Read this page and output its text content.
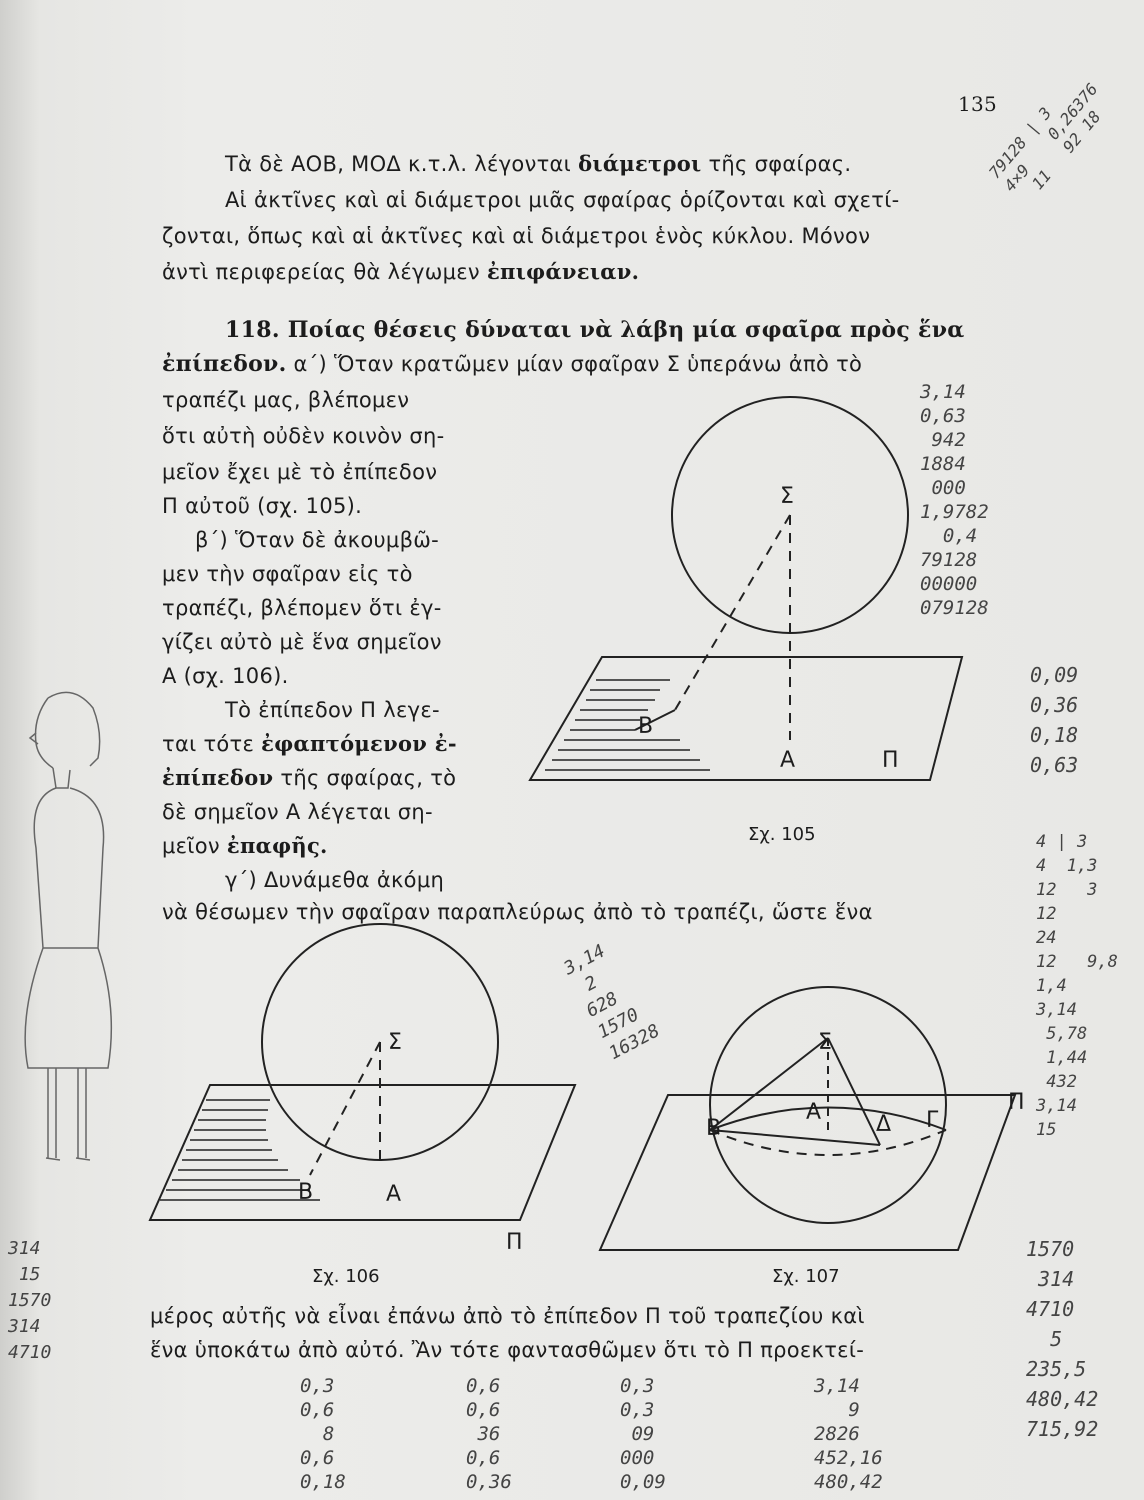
135
Τὰ δὲ ΑΟΒ, ΜΟΔ κ.τ.λ. λέγονται διάμετροι τῆς σφαίρας.
Αἱ ἀκτῖνες καὶ αἱ διάμετροι μιᾶς σφαίρας ὁρίζονται καὶ σχετί-
ζονται, ὅπως καὶ αἱ ἀκτῖνες καὶ αἱ διάμετροι ἑνὸς κύκλου. Μόνον
ἀντὶ περιφερείας θὰ λέγωμεν ἐπιφάνειαν.
118. Ποίας θέσεις δύναται νὰ λάβη μία σφαῖρα πρὸς ἕνα
ἐπίπεδον. α΄) Ὅταν κρατῶμεν μίαν σφαῖραν Σ ὑπεράνω ἀπὸ τὸ
τραπέζι μας, βλέπομεν
ὅτι αὐτὴ οὐδὲν κοινὸν ση-
μεῖον ἔχει μὲ τὸ ἐπίπεδον
Π αὐτοῦ (σχ. 105).
β΄) Ὅταν δὲ ἀκουμβῶ-
μεν τὴν σφαῖραν εἰς τὸ
τραπέζι, βλέπομεν ὅτι ἐγ-
γίζει αὐτὸ μὲ ἕνα σημεῖον
Α (σχ. 106).
Τὸ ἐπίπεδον Π λεγε-
ται τότε ἐφαπτόμενον ἐ-
ἐπίπεδον τῆς σφαίρας, τὸ
δὲ σημεῖον Α λέγεται ση-
μεῖον ἐπαφῆς.
γ΄) Δυνάμεθα ἀκόμη
νὰ θέσωμεν τὴν σφαῖραν παραπλεύρως ἀπὸ τὸ τραπέζι, ὥστε ἕνα
μέρος αὐτῆς νὰ εἶναι ἐπάνω ἀπὸ τὸ ἐπίπεδον Π τοῦ τραπεζίου καὶ
ἕνα ὑποκάτω ἀπὸ αὐτό. Ἂν τότε φαντασθῶμεν ὅτι τὸ Π προεκτεί-
Σ
Β
Α	Π
Σχ. 105
Σ
Β	Α
Π
Σχ. 106
Σ
Β
Α Δ Γ
Π
Σχ. 107
79128 | 3
4×9    0,26376
11   92 18
3,14
0,63
942
1884
000
1,9782
0,4
79128
00000
079128
0,09
0,36
0,18
0,63
4 | 3
4  1,3
12   3
12
24
12   9,8
1,4
3,14
5,78
1,44
432
3,14
15
1570
314
4710
5
235,5
480,42
715,92
314
15
1570
314
4710
3,14
2
628
1570
16328
0,3
0,6
8
0,6
0,18
0,6
0,6
36
0,6
0,36
0,3
0,3
09
000
0,09
3,14
9
2826
452,16
480,42
